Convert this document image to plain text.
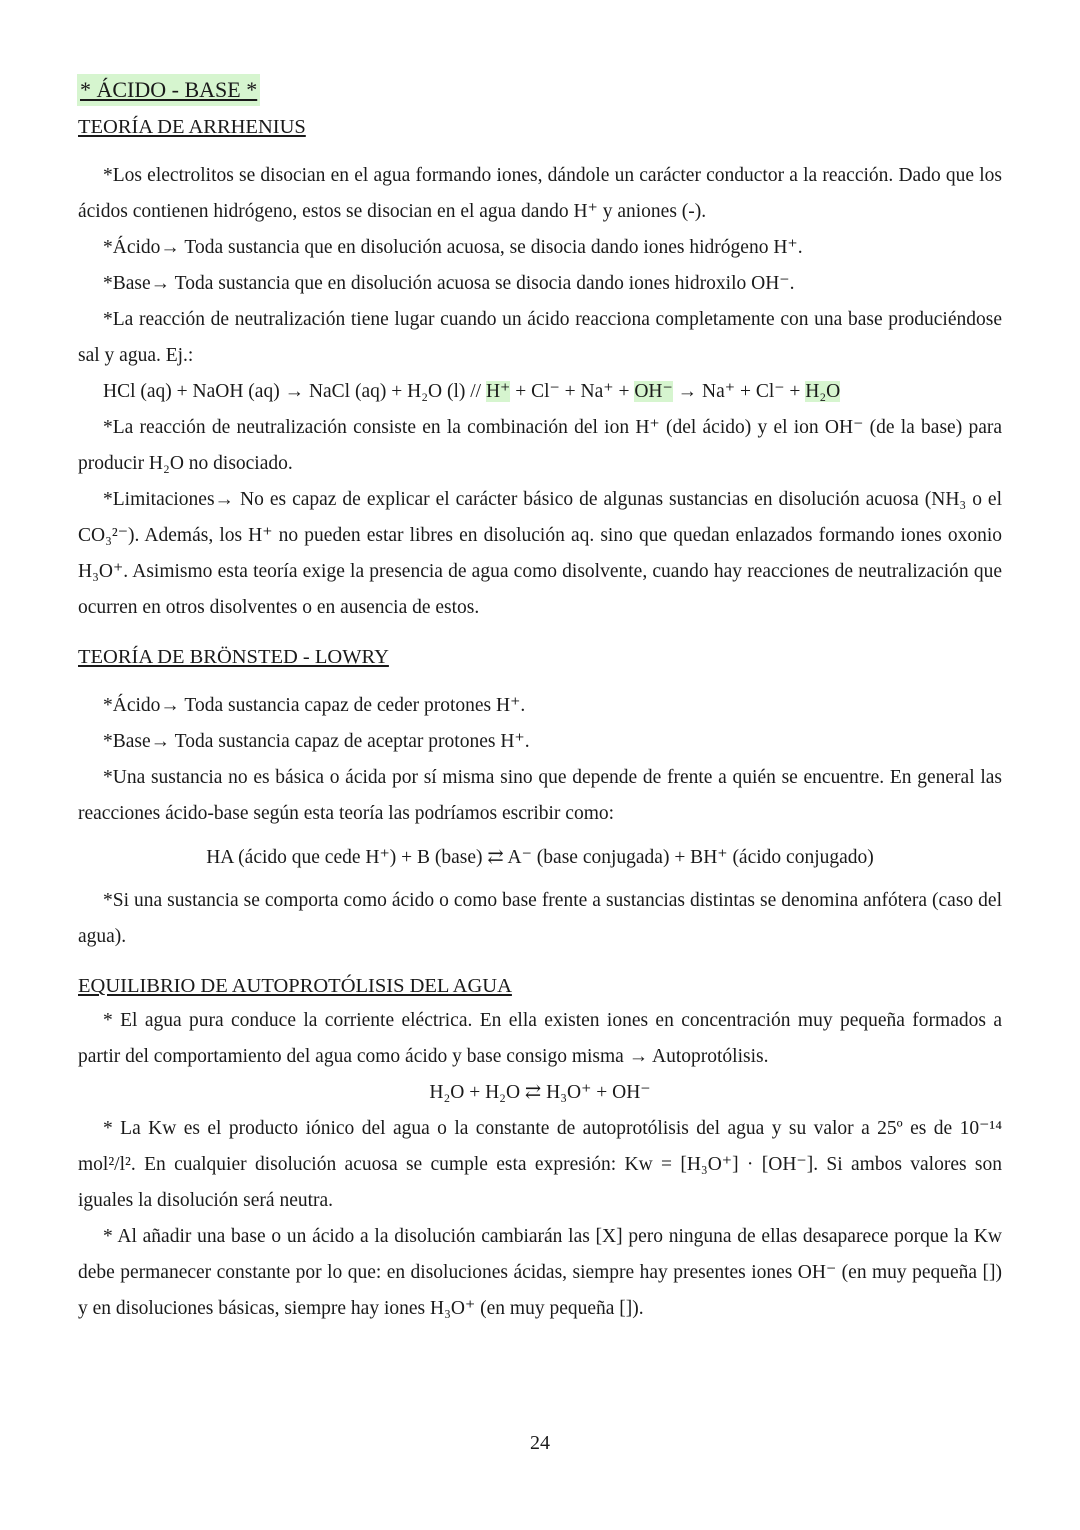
* ÁCIDO - BASE *
TEORÍA DE ARRHENIUS

*Los electrolitos se disocian en el agua formando iones, dándole un carácter conductor a la reacción. Dado que los ácidos contienen hidrógeno, estos se disocian en el agua dando H⁺ y aniones (-).

*Ácido→ Toda sustancia que en disolución acuosa, se disocia dando iones hidrógeno H⁺.

*Base→ Toda sustancia que en disolución acuosa se disocia dando iones hidroxilo OH⁻.

*La reacción de neutralización tiene lugar cuando un ácido reacciona completamente con una base produciéndose sal y agua. Ej.:

HCl (aq) + NaOH (aq) → NaCl (aq) + H₂O (l) // H⁺ + Cl⁻ + Na⁺ + OH⁻ → Na⁺ + Cl⁻ + H₂O

*La reacción de neutralización consiste en la combinación del ion H⁺ (del ácido) y el ion OH⁻ (de la base) para producir H₂O no disociado.

*Limitaciones→ No es capaz de explicar el carácter básico de algunas sustancias en disolución acuosa (NH₃ o el CO₃²⁻). Además, los H⁺ no pueden estar libres en disolución aq. sino que quedan enlazados formando iones oxonio H₃O⁺. Asimismo esta teoría exige la presencia de agua como disolvente, cuando hay reacciones de neutralización que ocurren en otros disolventes o en ausencia de estos.

TEORÍA DE BRÖNSTED - LOWRY

*Ácido→ Toda sustancia capaz de ceder protones H⁺.

*Base→ Toda sustancia capaz de aceptar protones H⁺.

*Una sustancia no es básica o ácida por sí misma sino que depende de frente a quién se encuentre. En general las reacciones ácido-base según esta teoría las podríamos escribir como:

HA (ácido que cede H⁺) + B (base) ⇄ A⁻ (base conjugada) + BH⁺ (ácido conjugado)

*Si una sustancia se comporta como ácido o como base frente a sustancias distintas se denomina anfótera (caso del agua).

EQUILIBRIO DE AUTOPROTÓLISIS DEL AGUA

* El agua pura conduce la corriente eléctrica. En ella existen iones en concentración muy pequeña formados a partir del comportamiento del agua como ácido y base consigo misma → Autoprotólisis.

H₂O + H₂O ⇄ H₃O⁺ + OH⁻

* La Kw es el producto iónico del agua o la constante de autoprotólisis del agua y su valor a 25º es de 10⁻¹⁴ mol²/l². En cualquier disolución acuosa se cumple esta expresión: Kw = [H₃O⁺] · [OH⁻]. Si ambos valores son iguales la disolución será neutra.

* Al añadir una base o un ácido a la disolución cambiarán las [X] pero ninguna de ellas desaparece porque la Kw debe permanecer constante por lo que: en disoluciones ácidas, siempre hay presentes iones OH⁻ (en muy pequeña []) y en disoluciones básicas, siempre hay iones H₃O⁺ (en muy pequeña []).

24
